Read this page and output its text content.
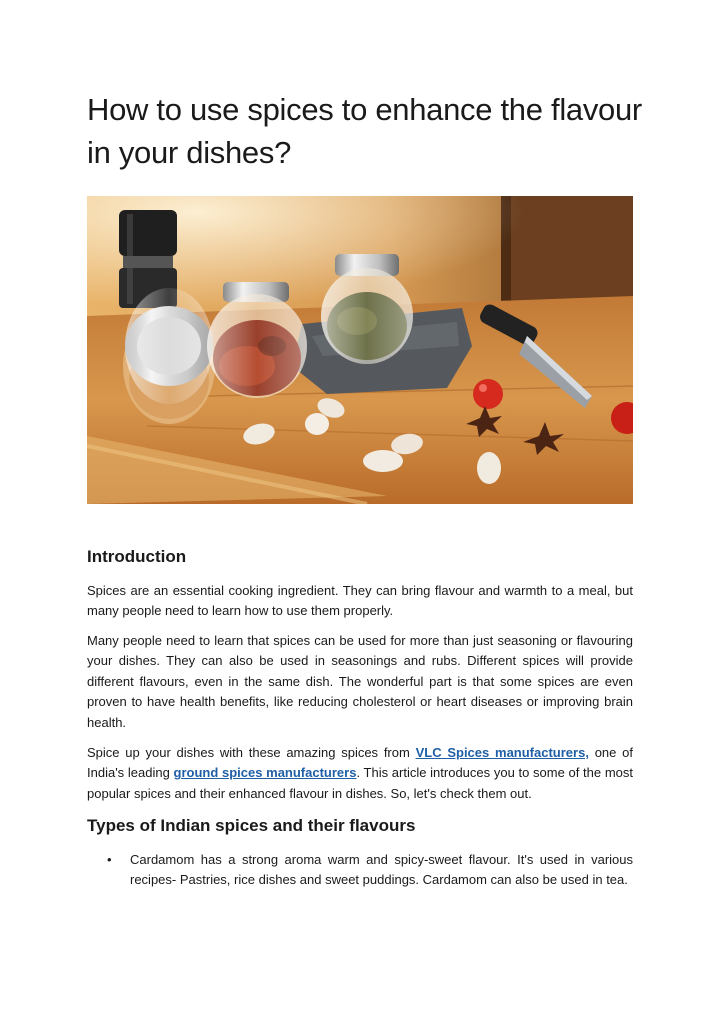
How to use spices to enhance the flavour in your dishes?
Introduction

Spices are an essential cooking ingredient. They can bring flavour and warmth to a meal, but many people need to learn how to use them properly.

Many people need to learn that spices can be used for more than just seasoning or flavouring your dishes. They can also be used in seasonings and rubs. Different spices will provide different flavours, even in the same dish. The wonderful part is that some spices are even proven to have health benefits, like reducing cholesterol or heart diseases or improving brain health.

Spice up your dishes with these amazing spices from VLC Spices manufacturers, one of India's leading ground spices manufacturers. This article introduces you to some of the most popular spices and their enhanced flavour in dishes. So, let's check them out.

Types of Indian spices and their flavours
• Cardamom has a strong aroma warm and spicy-sweet flavour. It's used in various recipes- Pastries, rice dishes and sweet puddings. Cardamom can also be used in tea.
